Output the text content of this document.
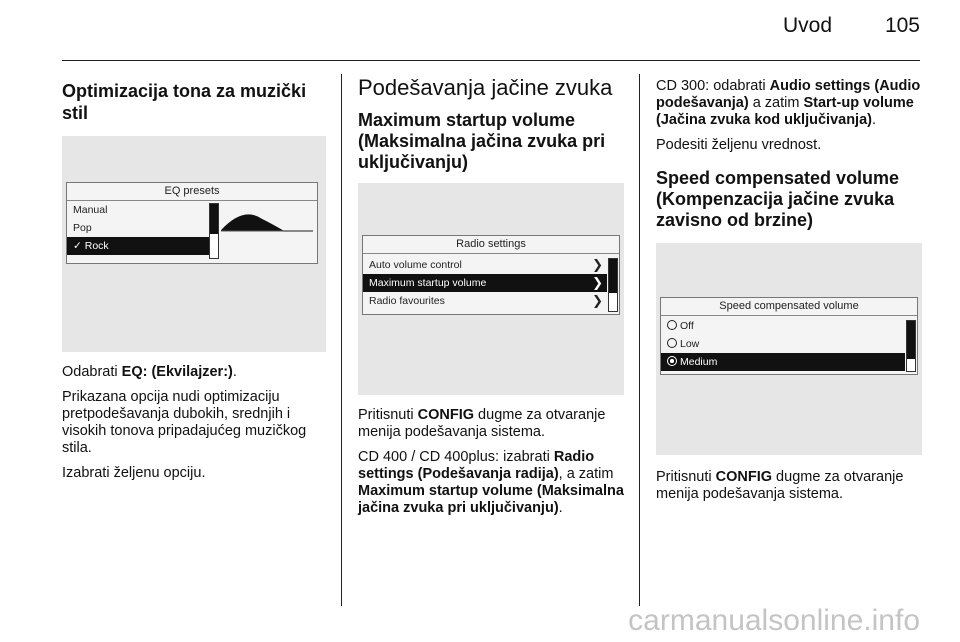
Uvod	105
Optimizacija tona za muzički stil
EQ presets
Manual
Pop
✓ Rock

Odabrati EQ: (Ekvilajzer:).

Prikazana opcija nudi optimizaciju pretpodešavanja dubokih, srednjih i visokih tonova pripadajućeg muzičkog stila.

Izabrati željenu opciju.

Podešavanja jačine zvuka
Maximum startup volume (Maksimalna jačina zvuka pri uključivanju)
Radio settings
Auto volume control	❯
Maximum startup volume	❯
Radio favourites	❯

Pritisnuti CONFIG dugme za otvaranje menija podešavanja sistema.

CD 400 / CD 400plus: izabrati Radio settings (Podešavanja radija), a zatim Maximum startup volume (Maksimalna jačina zvuka pri uključivanju).

CD 300: odabrati Audio settings (Audio podešavanja) a zatim Start-up volume (Jačina zvuka kod uključivanja).

Podesiti željenu vrednost.

Speed compensated volume (Kompenzacija jačine zvuka zavisno od brzine)
Speed compensated volume
Off
Low
Medium

Pritisnuti CONFIG dugme za otvaranje menija podešavanja sistema.

carmanualsonline.info
